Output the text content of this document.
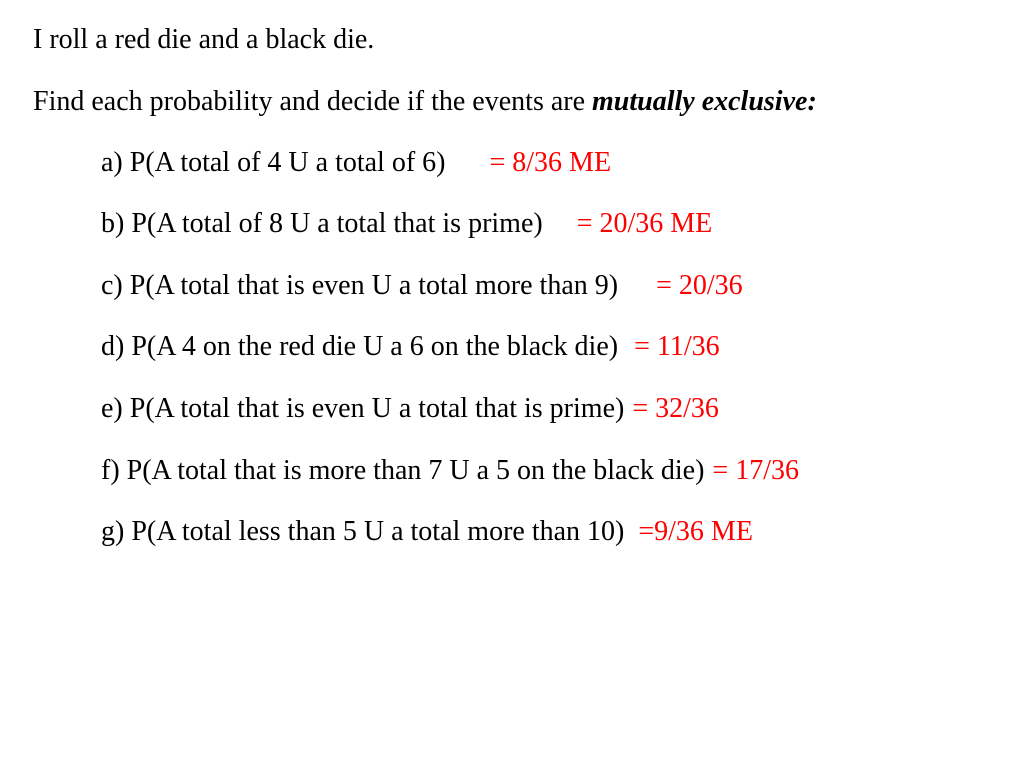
I roll a red die and a black die.
Find each probability and decide if the events are mutually exclusive:
a) P(A total of 4 U a total of 6) = 8/36 ME
b) P(A total of 8 U a total that is prime) = 20/36 ME
c) P(A total that is even U a total more than 9) = 20/36
d) P(A 4 on the red die U a 6 on the black die) = 11/36
e) P(A total that is even U a total that is prime) = 32/36
f) P(A total that is more than 7 U a 5 on the black die) = 17/36
g) P(A total less than 5 U a total more than 10) =9/36 ME
